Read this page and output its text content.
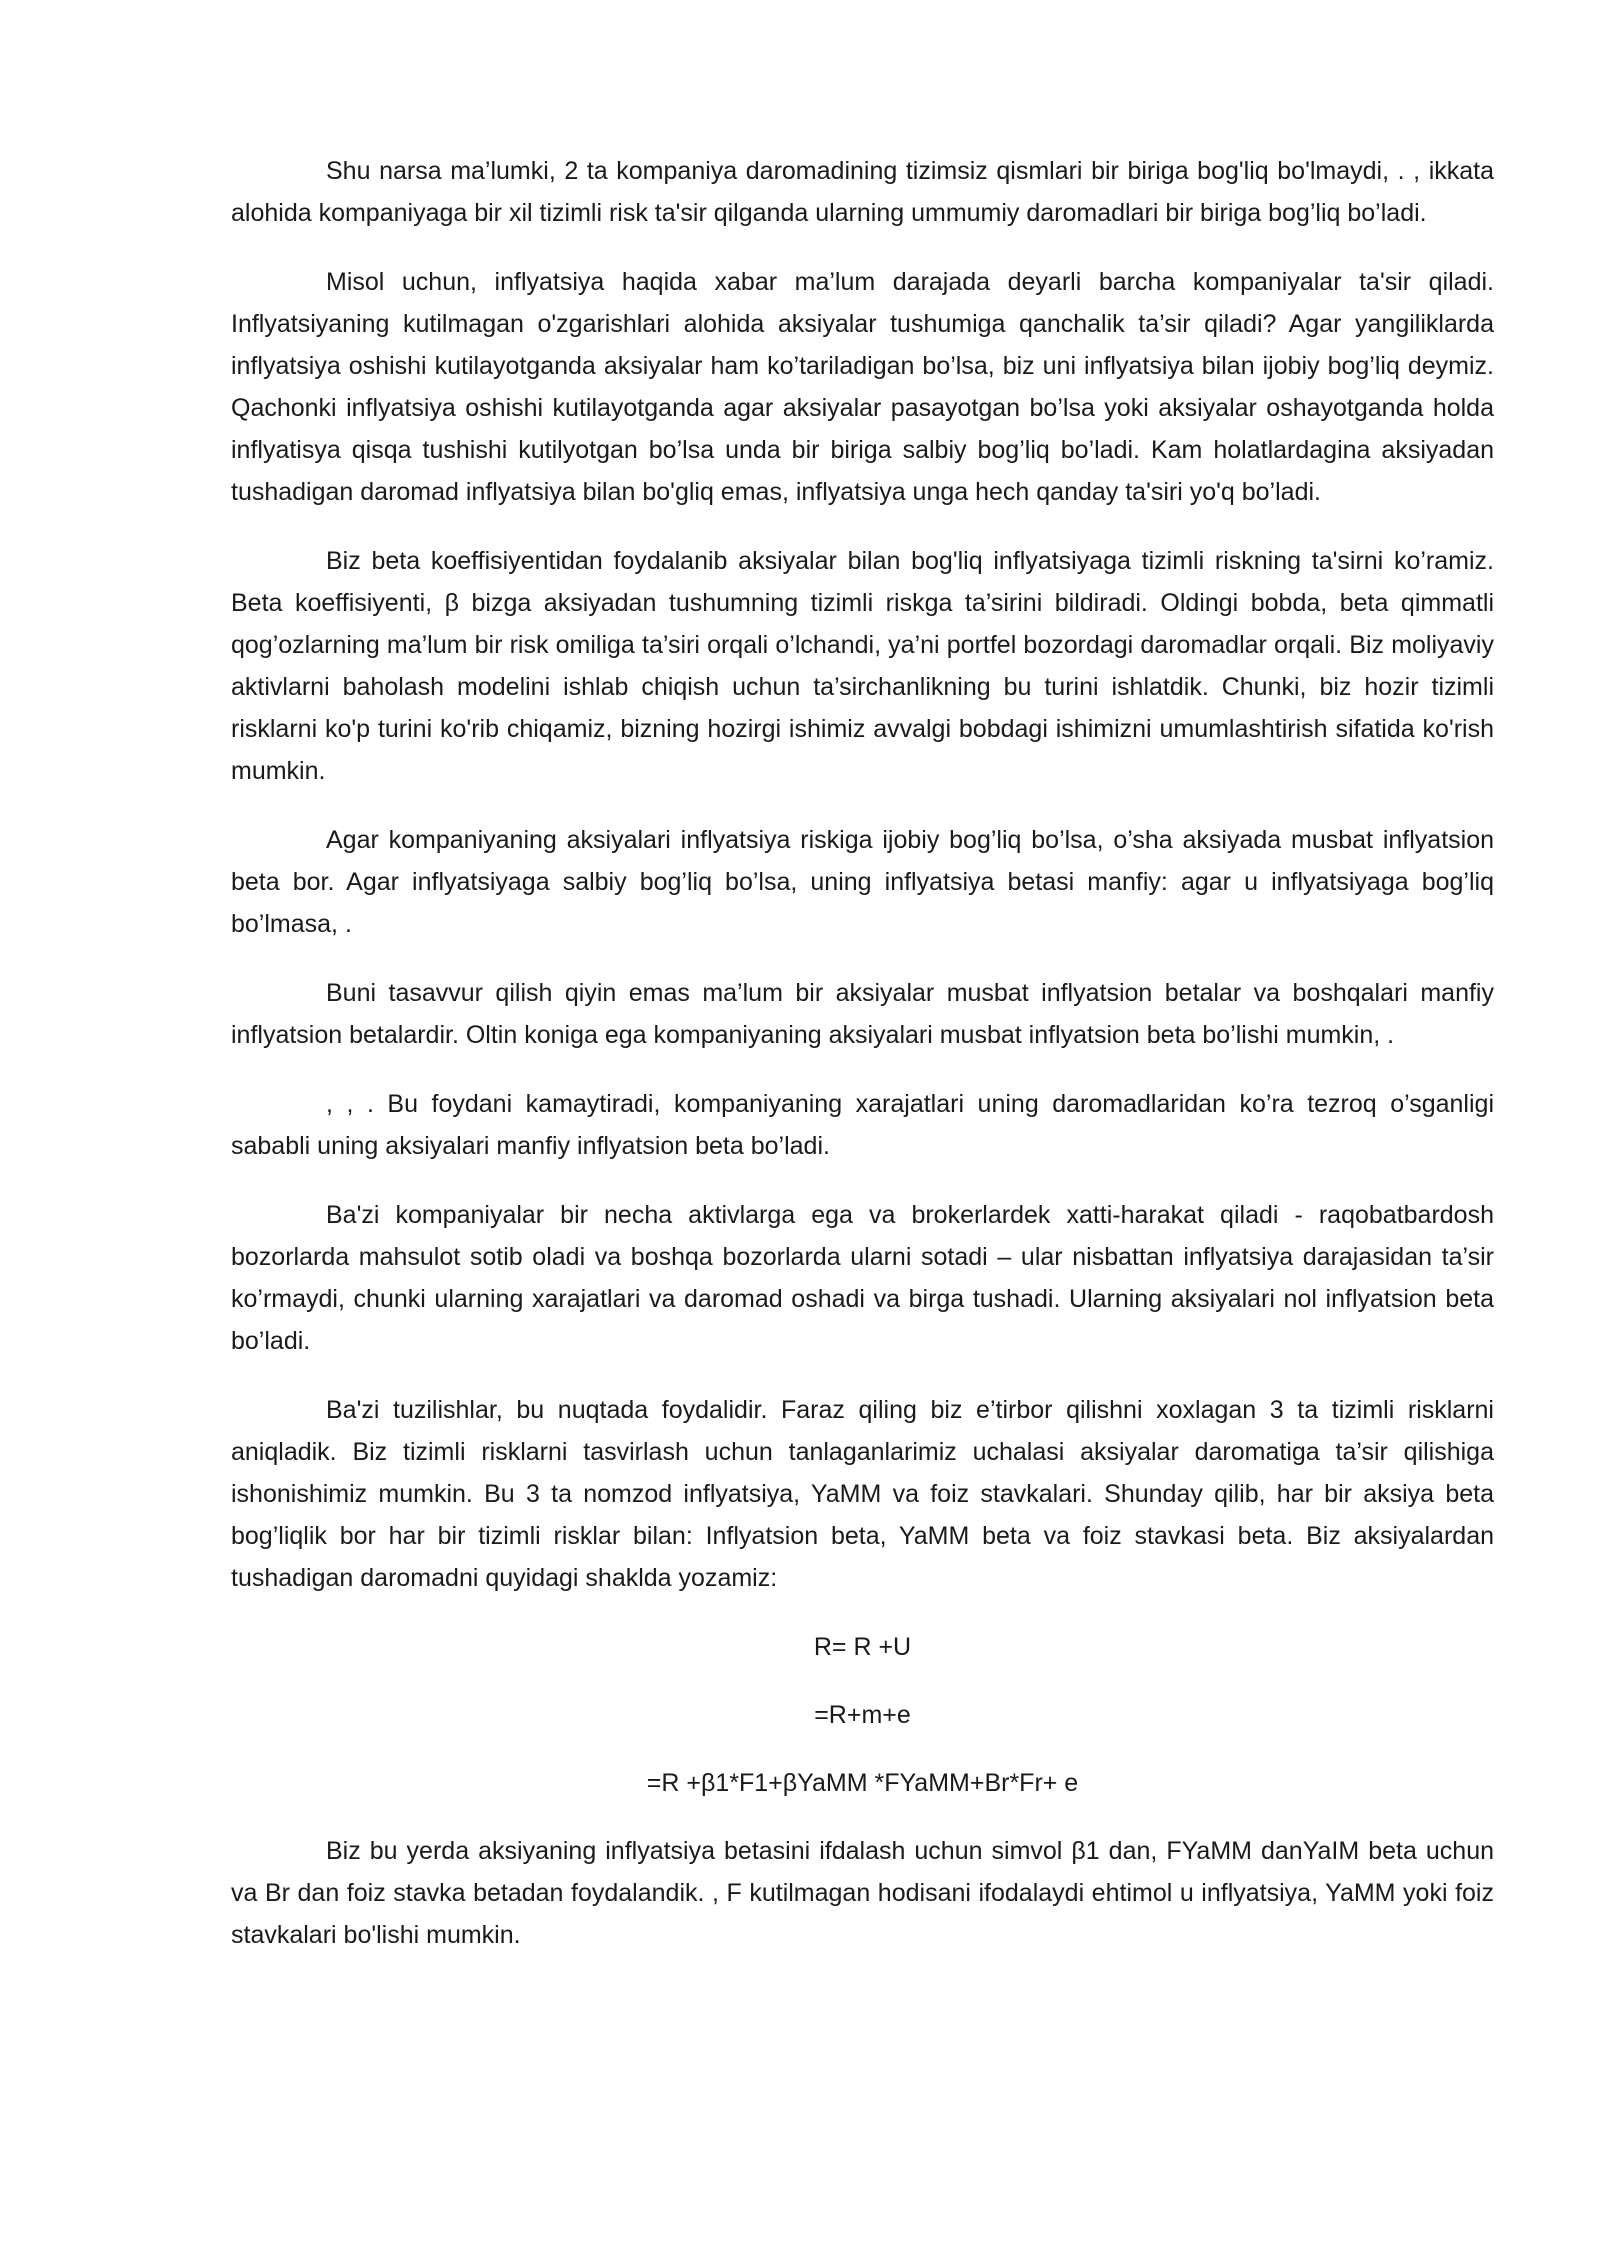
Shu narsa ma’lumki, 2 ta kompaniya daromadining tizimsiz qismlari bir biriga bog'liq bo'lmaydi, . , ikkata alohida kompaniyaga bir xil tizimli risk ta'sir qilganda ularning ummumiy daromadlari bir biriga bog’liq bo’ladi.

Misol uchun, inflyatsiya haqida xabar ma’lum darajada deyarli barcha kompaniyalar ta'sir qiladi. Inflyatsiyaning kutilmagan o'zgarishlari alohida aksiyalar tushumiga qanchalik ta’sir qiladi? Agar yangiliklarda inflyatsiya oshishi kutilayotganda aksiyalar ham ko’tariladigan bo’lsa, biz uni inflyatsiya bilan ijobiy bog’liq deymiz. Qachonki inflyatsiya oshishi kutilayotganda agar aksiyalar pasayotgan bo’lsa yoki aksiyalar oshayotganda holda inflyatisya qisqa tushishi kutilyotgan bo’lsa unda bir biriga salbiy bog’liq bo’ladi. Kam holatlardagina aksiyadan tushadigan daromad inflyatsiya bilan bo'gliq emas, inflyatsiya unga hech qanday ta'siri yo'q bo’ladi.

Biz beta koeffisiyentidan foydalanib aksiyalar bilan bog'liq inflyatsiyaga tizimli riskning ta'sirni ko’ramiz. Beta koeffisiyenti, β bizga aksiyadan tushumning tizimli riskga ta’sirini bildiradi. Oldingi bobda, beta qimmatli qog’ozlarning ma’lum bir risk omiliga ta’siri orqali o’lchandi, ya’ni portfel bozordagi daromadlar orqali. Biz moliyaviy aktivlarni baholash modelini ishlab chiqish uchun ta’sirchanlikning bu turini ishlatdik. Chunki, biz hozir tizimli risklarni ko'p turini ko'rib chiqamiz, bizning hozirgi ishimiz avvalgi bobdagi ishimizni umumlashtirish sifatida ko'rish mumkin.

Agar kompaniyaning aksiyalari inflyatsiya riskiga ijobiy bog’liq bo’lsa, o’sha aksiyada musbat inflyatsion beta bor. Agar inflyatsiyaga salbiy bog’liq bo’lsa, uning inflyatsiya betasi manfiy: agar u inflyatsiyaga bog’liq bo’lmasa, .

Buni tasavvur qilish qiyin emas ma’lum bir aksiyalar musbat inflyatsion betalar va boshqalari manfiy inflyatsion betalardir. Oltin koniga ega kompaniyaning aksiyalari musbat inflyatsion beta bo’lishi mumkin, .

, , . Bu foydani kamaytiradi, kompaniyaning xarajatlari uning daromadlaridan ko’ra tezroq o’sganligi sababli uning aksiyalari manfiy inflyatsion beta bo’ladi.

Ba'zi kompaniyalar bir necha aktivlarga ega va brokerlardek xatti-harakat qiladi - raqobatbardosh bozorlarda mahsulot sotib oladi va boshqa bozorlarda ularni sotadi – ular nisbattan inflyatsiya darajasidan ta’sir ko’rmaydi, chunki ularning xarajatlari va daromad oshadi va birga tushadi. Ularning aksiyalari nol inflyatsion beta bo’ladi.

Ba'zi tuzilishlar, bu nuqtada foydalidir. Faraz qiling biz e’tirbor qilishni xoxlagan 3 ta tizimli risklarni aniqladik. Biz tizimli risklarni tasvirlash uchun tanlaganlarimiz uchalasi aksiyalar daromatiga ta’sir qilishiga ishonishimiz mumkin. Bu 3 ta nomzod inflyatsiya, YaMM va foiz stavkalari. Shunday qilib, har bir aksiya beta bog’liqlik bor har bir tizimli risklar bilan: Inflyatsion beta, YaMM beta va foiz stavkasi beta. Biz aksiyalardan tushadigan daromadni quyidagi shaklda yozamiz:

R= R +U
=R+m+e
=R +β1*F1+βYaMM *FYaMM+Br*Fr+ e

Biz bu yerda aksiyaning inflyatsiya betasini ifdalash uchun simvol β1 dan, FYaMM danYaIM beta uchun va Br dan foiz stavka betadan foydalandik. , F kutilmagan hodisani ifodalaydi ehtimol u inflyatsiya, YaMM yoki foiz stavkalari bo'lishi mumkin.
